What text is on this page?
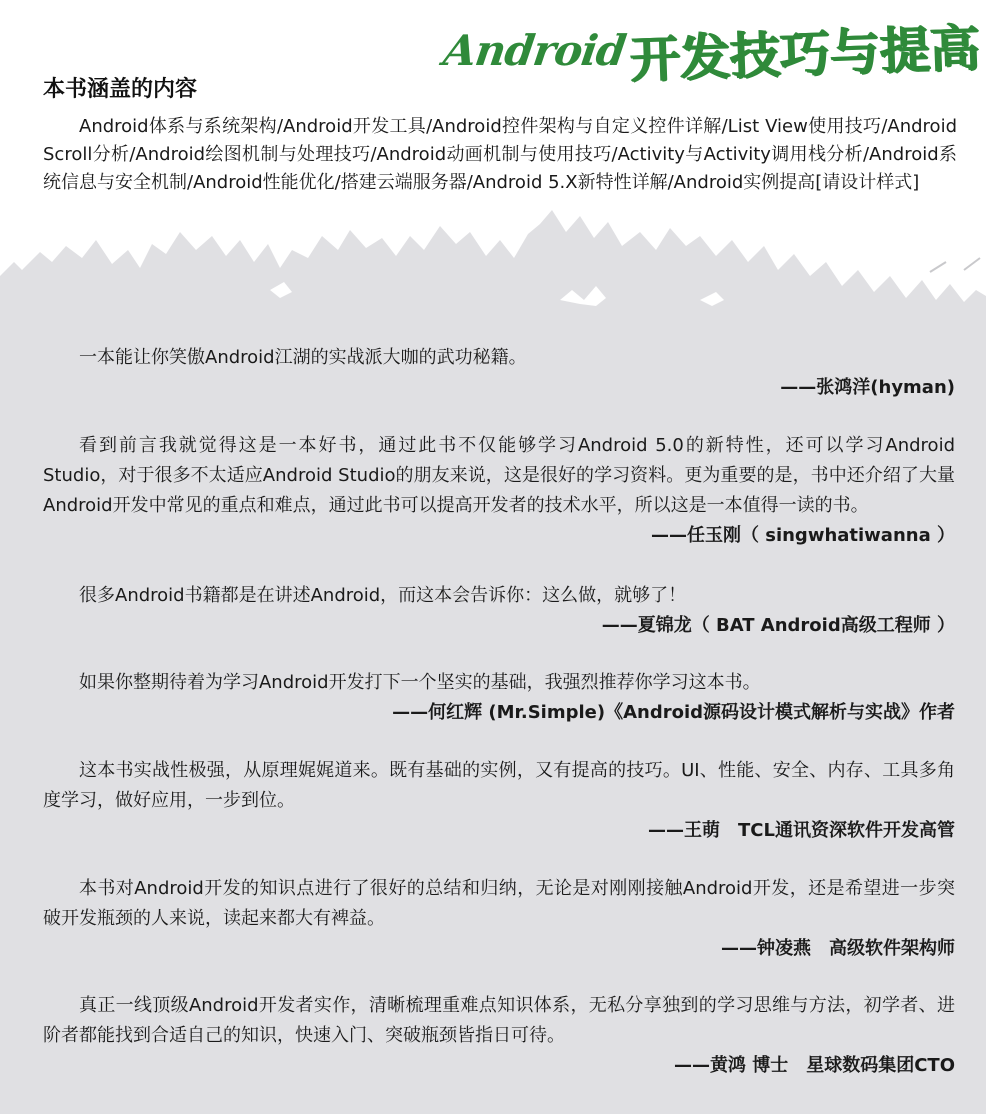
Android 开发技巧与提高
本书涵盖的内容

Android体系与系统架构/Android开发工具/Android控件架构与自定义控件详解/List View使用技巧/Android Scroll分析/Android绘图机制与处理技巧/Android动画机制与使用技巧/Activity与Activity调用栈分析/Android系统信息与安全机制/Android性能优化/搭建云端服务器/Android 5.X新特性详解/Android实例提高[请设计样式]

一本能让你笑傲Android江湖的实战派大咖的武功秘籍。

——张鸿洋(hyman)

看到前言我就觉得这是一本好书，通过此书不仅能够学习Android 5.0的新特性，还可以学习Android Studio，对于很多不太适应Android Studio的朋友来说，这是很好的学习资料。更为重要的是，书中还介绍了大量Android开发中常见的重点和难点，通过此书可以提高开发者的技术水平，所以这是一本值得一读的书。

——任玉刚（ singwhatiwanna ）

很多Android书籍都是在讲述Android，而这本会告诉你：这么做，就够了！

——夏锦龙（ BAT Android高级工程师 ）

如果你整期待着为学习Android开发打下一个坚实的基础，我强烈推荐你学习这本书。

——何红辉 (Mr.Simple)《Android源码设计模式解析与实战》作者

这本书实战性极强，从原理娓娓道来。既有基础的实例，又有提高的技巧。UI、性能、安全、内存、工具多角度学习，做好应用，一步到位。

——王萌　TCL通讯资深软件开发高管

本书对Android开发的知识点进行了很好的总结和归纳，无论是对刚刚接触Android开发，还是希望进一步突破开发瓶颈的人来说，读起来都大有裨益。

——钟凌燕　高级软件架构师

真正一线顶级Android开发者实作，清晰梳理重难点知识体系，无私分享独到的学习思维与方法，初学者、进阶者都能找到合适自己的知识，快速入门、突破瓶颈皆指日可待。

——黄鸿 博士　星球数码集团CTO
